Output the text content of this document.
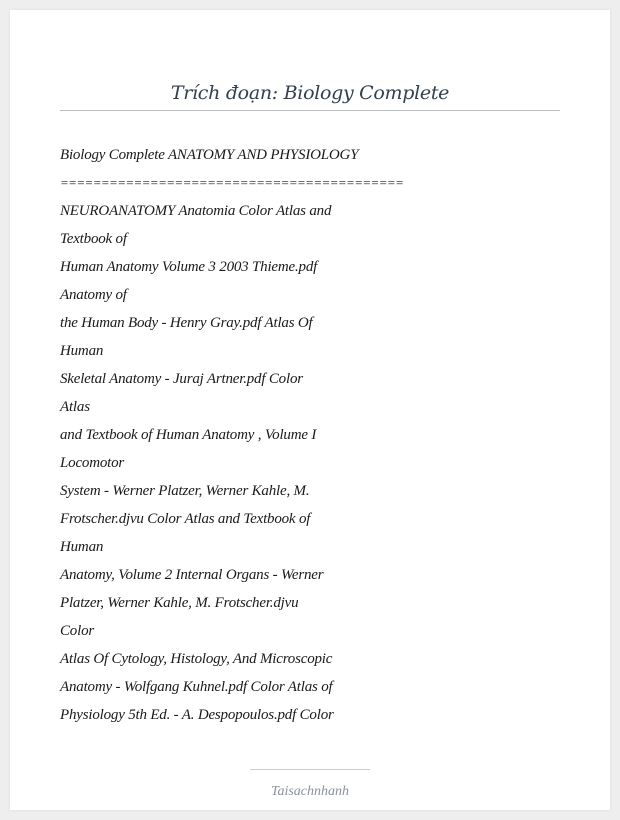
Trích đoạn: Biology Complete
Biology Complete ANATOMY AND PHYSIOLOGY
==========================================
NEUROANATOMY Anatomia Color Atlas and
Textbook of
Human Anatomy Volume 3 2003 Thieme.pdf
Anatomy of
the Human Body - Henry Gray.pdf Atlas Of
Human
Skeletal Anatomy - Juraj Artner.pdf Color
Atlas
and Textbook of Human Anatomy , Volume I
Locomotor
System - Werner Platzer, Werner Kahle, M.
Frotscher.djvu Color Atlas and Textbook of
Human
Anatomy, Volume 2 Internal Organs - Werner
Platzer, Werner Kahle, M. Frotscher.djvu
Color
Atlas Of Cytology, Histology, And Microscopic
Anatomy - Wolfgang Kuhnel.pdf Color Atlas of
Physiology 5th Ed. - A. Despopoulos.pdf Color
Taisachnhanh
